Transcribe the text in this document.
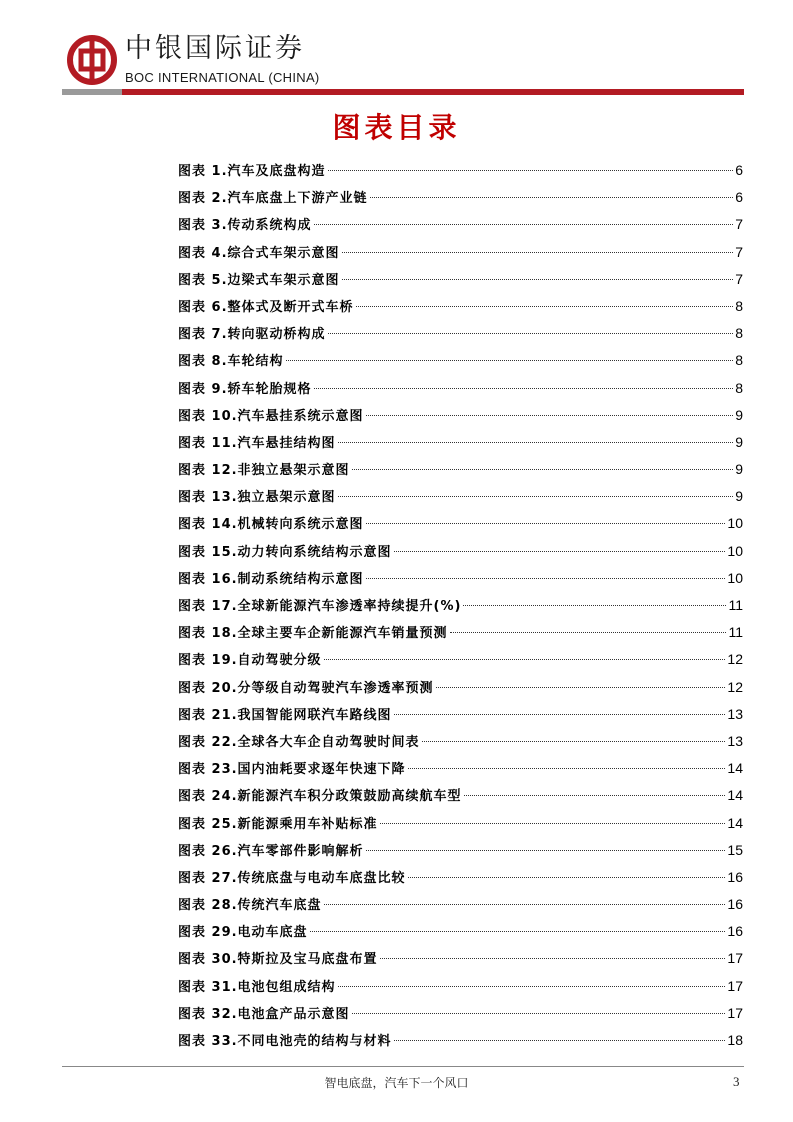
中银国际证券
BOC INTERNATIONAL (CHINA)
图表目录
图表 1.汽车及底盘构造	6
图表 2.汽车底盘上下游产业链	6
图表 3.传动系统构成	7
图表 4.综合式车架示意图	7
图表 5.边梁式车架示意图	7
图表 6.整体式及断开式车桥	8
图表 7.转向驱动桥构成	8
图表 8.车轮结构	8
图表 9.轿车轮胎规格	8
图表 10.汽车悬挂系统示意图	9
图表 11.汽车悬挂结构图	9
图表 12.非独立悬架示意图	9
图表 13.独立悬架示意图	9
图表 14.机械转向系统示意图	10
图表 15.动力转向系统结构示意图	10
图表 16.制动系统结构示意图	10
图表 17.全球新能源汽车渗透率持续提升(%)	11
图表 18.全球主要车企新能源汽车销量预测	11
图表 19.自动驾驶分级	12
图表 20.分等级自动驾驶汽车渗透率预测	12
图表 21.我国智能网联汽车路线图	13
图表 22.全球各大车企自动驾驶时间表	13
图表 23.国内油耗要求逐年快速下降	14
图表 24.新能源汽车积分政策鼓励高续航车型	14
图表 25.新能源乘用车补贴标准	14
图表 26.汽车零部件影响解析	15
图表 27.传统底盘与电动车底盘比较	16
图表 28.传统汽车底盘	16
图表 29.电动车底盘	16
图表 30.特斯拉及宝马底盘布置	17
图表 31.电池包组成结构	17
图表 32.电池盒产品示意图	17
图表 33.不同电池壳的结构与材料	18
智电底盘，汽车下一个风口	3
